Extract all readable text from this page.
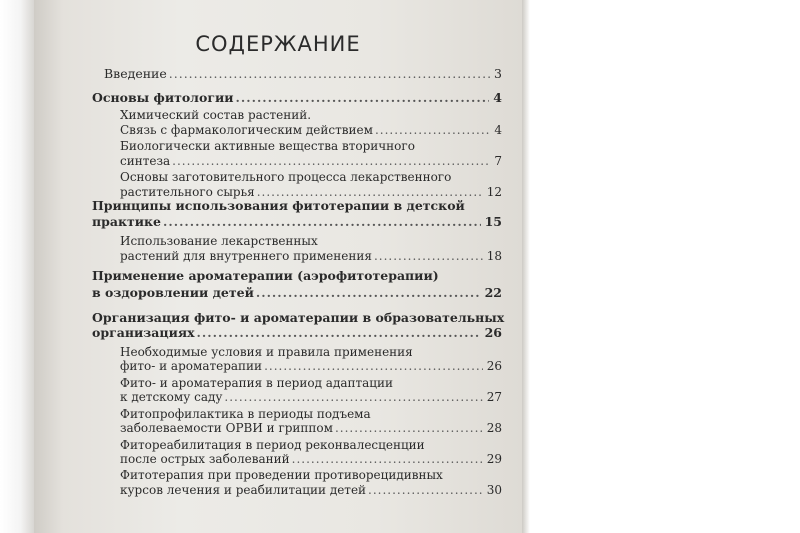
СОДЕРЖАНИЕ
Введение .....	3
Основы фитологии .....	4
Химический состав растений.
Связь с фармакологическим действием .....	4
Биологически активные вещества вторичного
синтеза .....	7
Основы заготовительного процесса лекарственного
растительного сырья .....	12
Принципы использования фитотерапии в детской
практике .....	15
Использование лекарственных
растений для внутреннего применения .....	18
Применение ароматерапии (аэрофитотерапии)
в оздоровлении детей .....	22
Организация фито- и ароматерапии в образовательных
организациях .....	26
Необходимые условия и правила применения
фито- и ароматерапии .....	26
Фито- и ароматерапия в период адаптации
к детскому саду .....	27
Фитопрофилактика в периоды подъема
заболеваемости ОРВИ и гриппом .....	28
Фитореабилитация в период реконвалесценции
после острых заболеваний .....	29
Фитотерапия при проведении противорецидивных
курсов лечения и реабилитации детей .....	30
